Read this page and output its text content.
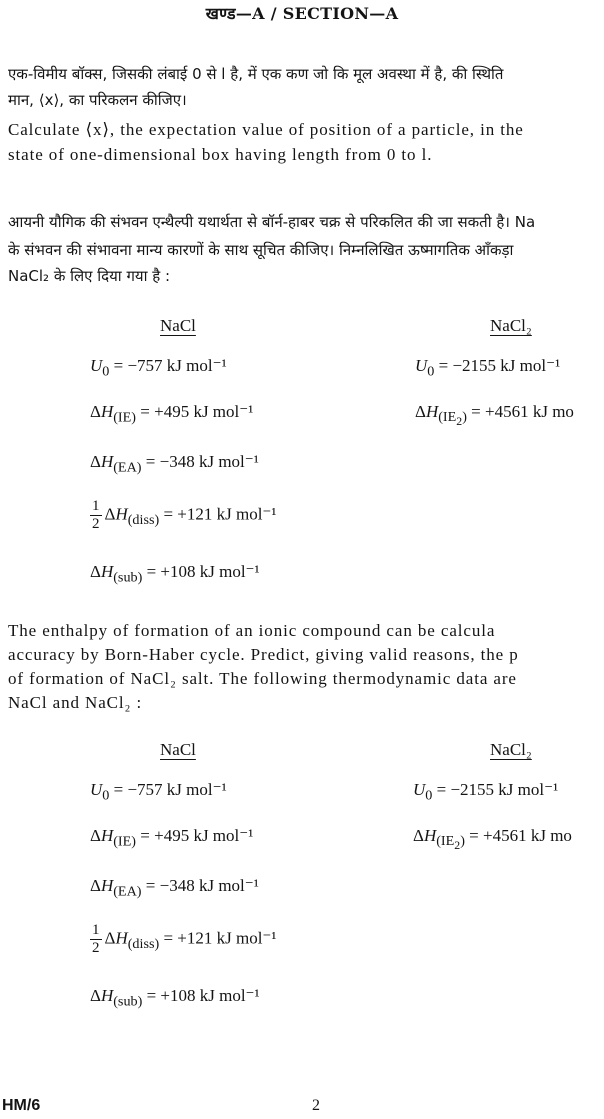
खण्ड—A / SECTION—A
एक-विमीय बॉक्स, जिसकी लंबाई 0 से l है, में एक कण जो कि मूल अवस्था में है, की स्थिति
मान, ⟨x⟩, का परिकलन कीजिए।
Calculate ⟨x⟩, the expectation value of position of a particle, in the
state of one-dimensional box having length from 0 to l.
आयनी यौगिक की संभवन एन्थैल्पी यथार्थता से बॉर्न-हाबर चक्र से परिकलित की जा सकती है। Na
के संभवन की संभावना मान्य कारणों के साथ सूचित कीजिए। निम्नलिखित ऊष्मागतिक आँकड़ा
NaCl₂ के लिए दिया गया है :
NaCl	NaCl₂
$U_0 = -757$ kJ mol⁻¹	$U_0 = -2155$ kJ mol⁻¹
$\Delta H_{(IE)} = +495$ kJ mol⁻¹	$\Delta H_{(IE_2)} = +4561$ kJ mo
$\Delta H_{(EA)} = -348$ kJ mol⁻¹
$\frac{1}{2} \Delta H_{(diss)} = +121$ kJ mol⁻¹
$\Delta H_{(sub)} = +108$ kJ mol⁻¹
The enthalpy of formation of an ionic compound can be calcula
accuracy by Born-Haber cycle. Predict, giving valid reasons, the p
of formation of NaCl₂ salt. The following thermodynamic data are
NaCl and NaCl₂ :
NaCl	NaCl₂
$U_0 = -757$ kJ mol⁻¹	$U_0 = -2155$ kJ mol⁻¹
$\Delta H_{(IE)} = +495$ kJ mol⁻¹	$\Delta H_{(IE_2)} = +4561$ kJ mo
$\Delta H_{(EA)} = -348$ kJ mol⁻¹
$\frac{1}{2} \Delta H_{(diss)} = +121$ kJ mol⁻¹
$\Delta H_{(sub)} = +108$ kJ mol⁻¹
HM/6	2
